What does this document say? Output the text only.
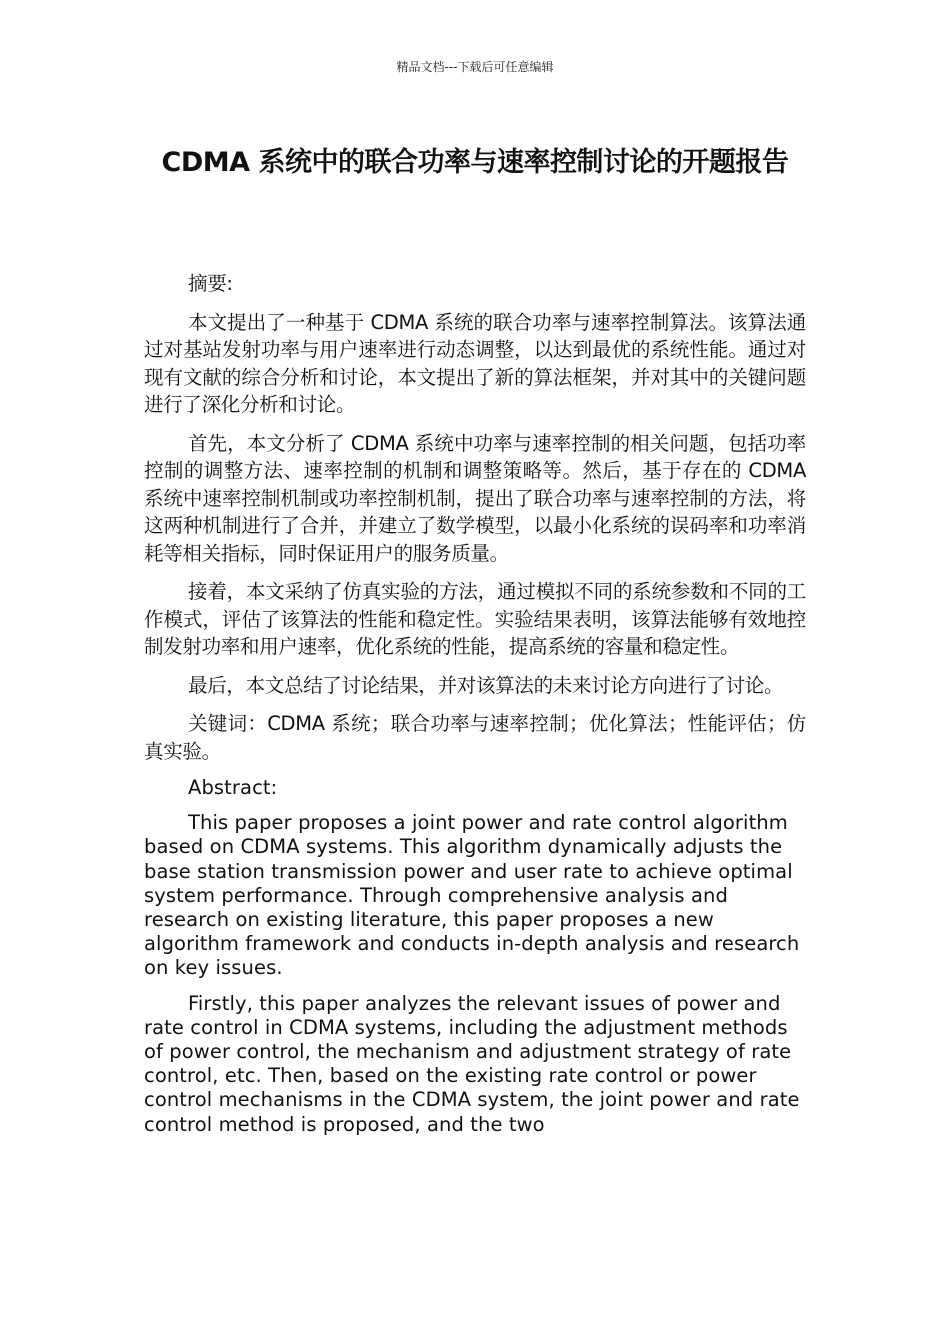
精品文档---下载后可任意编辑
CDMA 系统中的联合功率与速率控制讨论的开题报告

摘要:

本文提出了一种基于 CDMA 系统的联合功率与速率控制算法。该算法通过对基站发射功率与用户速率进行动态调整，以达到最优的系统性能。通过对现有文献的综合分析和讨论，本文提出了新的算法框架，并对其中的关键问题进行了深化分析和讨论。

首先，本文分析了 CDMA 系统中功率与速率控制的相关问题，包括功率控制的调整方法、速率控制的机制和调整策略等。然后，基于存在的 CDMA 系统中速率控制机制或功率控制机制，提出了联合功率与速率控制的方法，将这两种机制进行了合并，并建立了数学模型，以最小化系统的误码率和功率消耗等相关指标，同时保证用户的服务质量。

接着，本文采纳了仿真实验的方法，通过模拟不同的系统参数和不同的工作模式，评估了该算法的性能和稳定性。实验结果表明，该算法能够有效地控制发射功率和用户速率，优化系统的性能，提高系统的容量和稳定性。

最后，本文总结了讨论结果，并对该算法的未来讨论方向进行了讨论。

关键词：CDMA 系统；联合功率与速率控制；优化算法；性能评估；仿真实验。

Abstract:

This paper proposes a joint power and rate control algorithm based on CDMA systems. This algorithm dynamically adjusts the base station transmission power and user rate to achieve optimal system performance. Through comprehensive analysis and research on existing literature, this paper proposes a new algorithm framework and conducts in-depth analysis and research on key issues.

Firstly, this paper analyzes the relevant issues of power and rate control in CDMA systems, including the adjustment methods of power control, the mechanism and adjustment strategy of rate control, etc. Then, based on the existing rate control or power control mechanisms in the CDMA system, the joint power and rate control method is proposed, and the two
